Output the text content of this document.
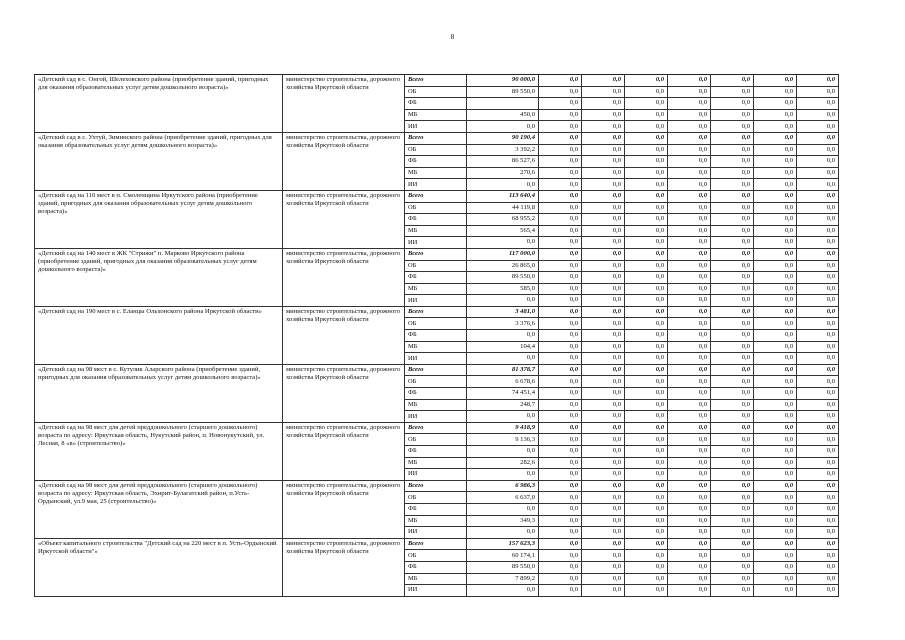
8
«Детский сад в с. Онгой, Шелеховского района (приобретение зданий, пригодных для оказания образовательных услуг детям дошкольного возраста)»	министерство строительства, дорожного хозяйства Иркутской области	Всего	90 000,0	0,0	0,0	0,0	0,0	0,0	0,0	0,0
		ОБ	89 550,0	0,0	0,0	0,0	0,0	0,0	0,0	0,0
		ФБ		0,0	0,0	0,0	0,0	0,0	0,0	0,0
		МБ	450,0	0,0	0,0	0,0	0,0	0,0	0,0	0,0
		ИИ	0,0	0,0	0,0	0,0	0,0	0,0	0,0	0,0
«Детский сад в с. Ухтуй, Зиминского района (приобретение зданий, пригодных для оказания образовательных услуг детям дошкольного возраста)»	министерство строительства, дорожного хозяйства Иркутской области	Всего	90 190,4	0,0	0,0	0,0	0,0	0,0	0,0	0,0
		ОБ	3 392,2	0,0	0,0	0,0	0,0	0,0	0,0	0,0
		ФБ	86 527,6	0,0	0,0	0,0	0,0	0,0	0,0	0,0
		МБ	270,6	0,0	0,0	0,0	0,0	0,0	0,0	0,0
		ИИ	0,0	0,0	0,0	0,0	0,0	0,0	0,0	0,0
«Детский сад на 110 мест в п. Смоленщина Иркутского района (приобретение зданий, пригодных для оказания образовательных услуг детям дошкольного возраста)»	министерство строительства, дорожного хозяйства Иркутской области	Всего	113 640,4	0,0	0,0	0,0	0,0	0,0	0,0	0,0
		ОБ	44 119,8	0,0	0,0	0,0	0,0	0,0	0,0	0,0
		ФБ	68 955,2	0,0	0,0	0,0	0,0	0,0	0,0	0,0
		МБ	565,4	0,0	0,0	0,0	0,0	0,0	0,0	0,0
		ИИ	0,0	0,0	0,0	0,0	0,0	0,0	0,0	0,0
«Детский сад на 140 мест в ЖК "Стрижи" п. Марково Иркутского района (приобретение зданий, пригодных для оказания образовательных услуг детям дошкольного возраста)»	министерство строительства, дорожного хозяйства Иркутской области	Всего	117 000,0	0,0	0,0	0,0	0,0	0,0	0,0	0,0
		ОБ	26 865,0	0,0	0,0	0,0	0,0	0,0	0,0	0,0
		ФБ	89 550,0	0,0	0,0	0,0	0,0	0,0	0,0	0,0
		МБ	585,0	0,0	0,0	0,0	0,0	0,0	0,0	0,0
		ИИ	0,0	0,0	0,0	0,0	0,0	0,0	0,0	0,0
«Детский сад на 190 мест в с. Еланцы Ольхонского района Иркутской области»	министерство строительства, дорожного хозяйства Иркутской области	Всего	3 481,0	0,0	0,0	0,0	0,0	0,0	0,0	0,0
		ОБ	3 376,6	0,0	0,0	0,0	0,0	0,0	0,0	0,0
		ФБ	0,0	0,0	0,0	0,0	0,0	0,0	0,0	0,0
		МБ	104,4	0,0	0,0	0,0	0,0	0,0	0,0	0,0
		ИИ	0,0	0,0	0,0	0,0	0,0	0,0	0,0	0,0
«Детский сад на 98 мест в с. Кутулик Аларского района (приобретение зданий, пригодных для оказания образовательных услуг детям дошкольного возраста)»	министерство строительства, дорожного хозяйства Иркутской области	Всего	81 378,7	0,0	0,0	0,0	0,0	0,0	0,0	0,0
		ОБ	6 678,6	0,0	0,0	0,0	0,0	0,0	0,0	0,0
		ФБ	74 451,4	0,0	0,0	0,0	0,0	0,0	0,0	0,0
		МБ	248,7	0,0	0,0	0,0	0,0	0,0	0,0	0,0
		ИИ	0,0	0,0	0,0	0,0	0,0	0,0	0,0	0,0
«Детский сад на 98 мест для детей преддошкольного (старшего дошкольного) возраста по адресу: Иркутская область, Нукутский район, п. Новонукутский, ул. Лесная, 8 «в» (строительство)»	министерство строительства, дорожного хозяйства Иркутской области	Всего	9 418,9	0,0	0,0	0,0	0,0	0,0	0,0	0,0
		ОБ	9 136,3	0,0	0,0	0,0	0,0	0,0	0,0	0,0
		ФБ	0,0	0,0	0,0	0,0	0,0	0,0	0,0	0,0
		МБ	282,6	0,0	0,0	0,0	0,0	0,0	0,0	0,0
		ИИ	0,0	0,0	0,0	0,0	0,0	0,0	0,0	0,0
«Детский сад на 98 мест для детей преддошкольного (старшего дошкольного) возраста по адресу: Иркутская область, Эхирит-Булагатский район, п.Усть-Ордынский, ул.9 мая, 25 (строительство)»	министерство строительства, дорожного хозяйства Иркутской области	Всего	6 986,3	0,0	0,0	0,0	0,0	0,0	0,0	0,0
		ОБ	6 637,0	0,0	0,0	0,0	0,0	0,0	0,0	0,0
		ФБ	0,0	0,0	0,0	0,0	0,0	0,0	0,0	0,0
		МБ	349,3	0,0	0,0	0,0	0,0	0,0	0,0	0,0
		ИИ	0,0	0,0	0,0	0,0	0,0	0,0	0,0	0,0
«Объект капитального строительства "Детский сад на 220 мест в п. Усть-Ордынский Иркутской области"»	министерство строительства, дорожного хозяйства Иркутской области	Всего	157 623,3	0,0	0,0	0,0	0,0	0,0	0,0	0,0
		ОБ	60 174,1	0,0	0,0	0,0	0,0	0,0	0,0	0,0
		ФБ	89 550,0	0,0	0,0	0,0	0,0	0,0	0,0	0,0
		МБ	7 899,2	0,0	0,0	0,0	0,0	0,0	0,0	0,0
		ИИ	0,0	0,0	0,0	0,0	0,0	0,0	0,0	0,0
